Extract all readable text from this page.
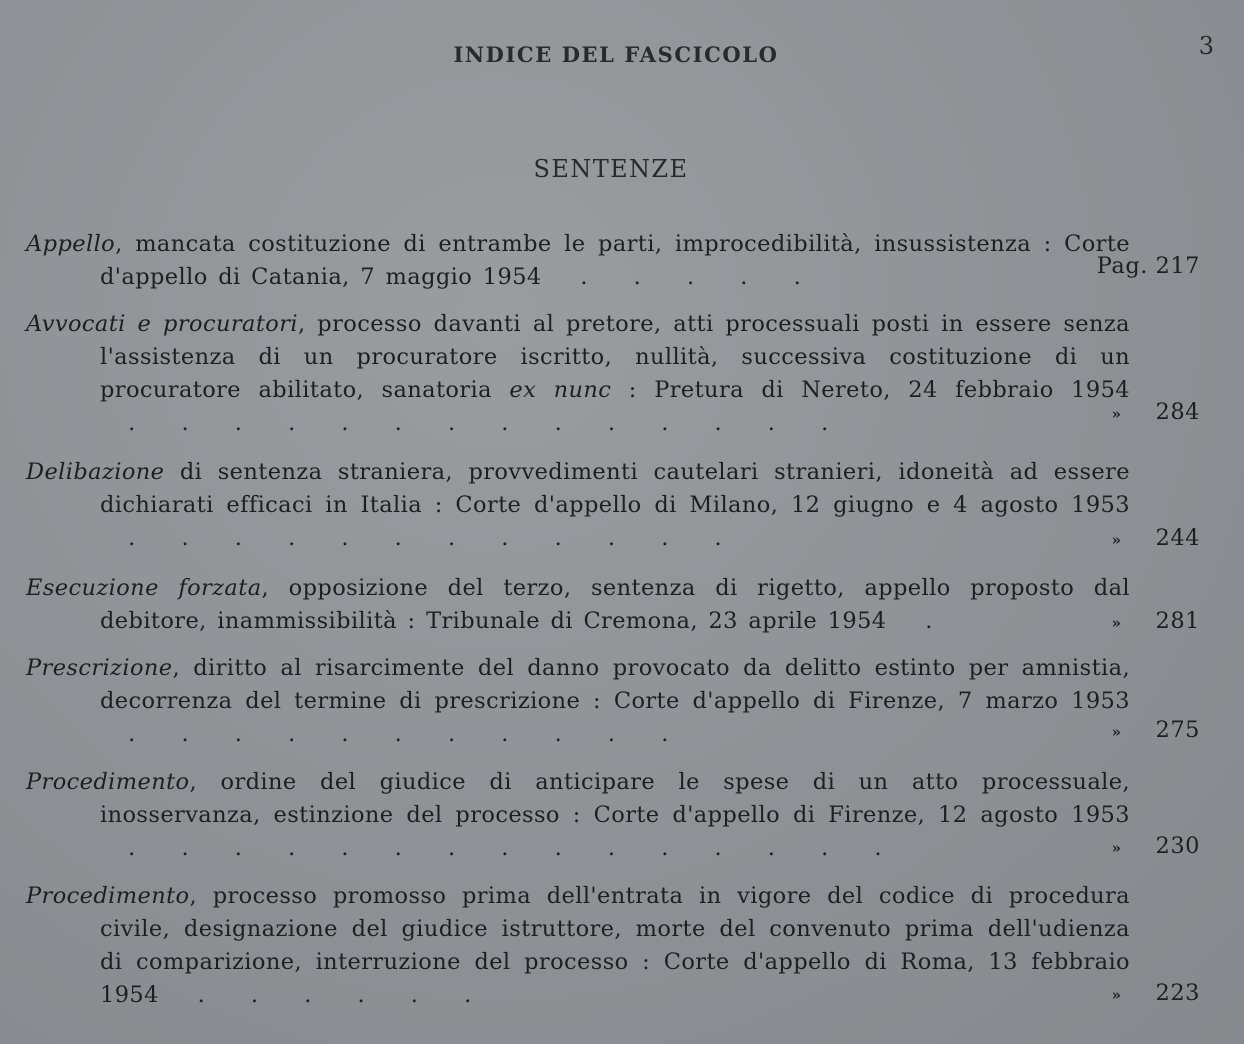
INDICE DEL FASCICOLO	3
SENTENZE
Appello, mancata costituzione di entrambe le parti, improcedibilità, insussistenza : Corte d'appello di Catania, 7 maggio 1954  . . . . .	Pag. 217
Avvocati e procuratori, processo davanti al pretore, atti processuali posti in essere senza l'assistenza di un procuratore iscritto, nullità, successiva costituzione di un procuratore abilitato, sanatoria ex nunc : Pretura di Nereto, 24 febbraio 1954  . . . . . . . . . . . . . .	» 284
Delibazione di sentenza straniera, provvedimenti cautelari stranieri, idoneità ad essere dichiarati efficaci in Italia : Corte d'appello di Milano, 12 giugno e 4 agosto 1953  . . . . . . . . . . . .	» 244
Esecuzione forzata, opposizione del terzo, sentenza di rigetto, appello proposto dal debitore, inammissibilità : Tribunale di Cremona, 23 aprile 1954  .	» 281
Prescrizione, diritto al risarcimente del danno provocato da delitto estinto per amnistia, decorrenza del termine di prescrizione : Corte d'appello di Firenze, 7 marzo 1953  . . . . . . . . . . .	» 275
Procedimento, ordine del giudice di anticipare le spese di un atto processuale, inosservanza, estinzione del processo : Corte d'appello di Firenze, 12 agosto 1953  . . . . . . . . . . . . . . .	» 230
Procedimento, processo promosso prima dell'entrata in vigore del codice di procedura civile, designazione del giudice istruttore, morte del convenuto prima dell'udienza di comparizione, interruzione del processo : Corte d'appello di Roma, 13 febbraio 1954  . . . . . .	» 223
